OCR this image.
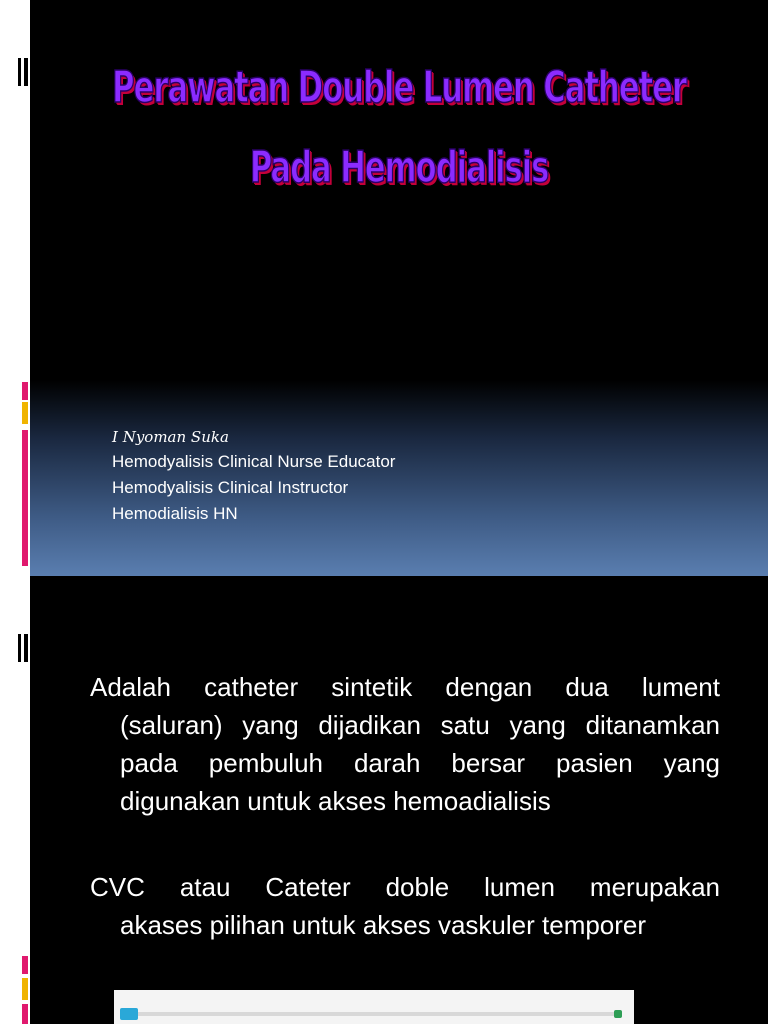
Perawatan Double Lumen Catheter
Pada Hemodialisis
I Nyoman Suka
Hemodyalisis Clinical Nurse Educator
Hemodyalisis Clinical Instructor
Hemodialisis HN
Adalah catheter sintetik dengan dua lument
(saluran) yang dijadikan satu yang ditanamkan pada pembuluh darah bersar pasien yang digunakan untuk akses hemoadialisis
CVC atau Cateter doble lumen merupakan
akases pilihan untuk akses vaskuler temporer
